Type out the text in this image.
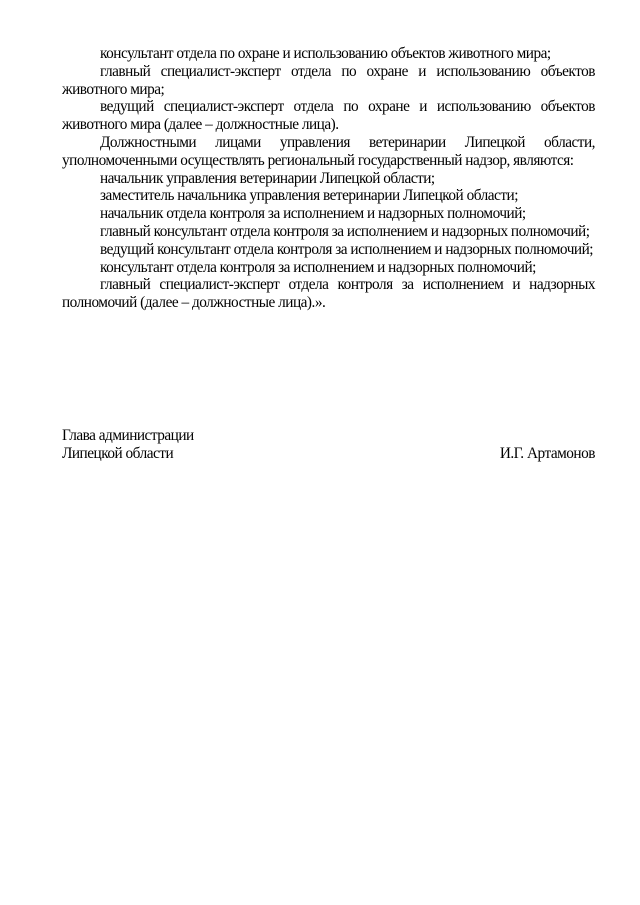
консультант отдела по охране и использованию объектов животного мира;

главный специалист-эксперт отдела по охране и использованию объектов животного мира;

ведущий специалист-эксперт отдела по охране и использованию объектов животного мира (далее – должностные лица).

Должностными лицами управления ветеринарии Липецкой области, уполномоченными осуществлять региональный государственный надзор, являются:

начальник управления ветеринарии Липецкой области;

заместитель начальника управления ветеринарии Липецкой области;

начальник отдела контроля за исполнением и надзорных полномочий;

главный консультант отдела контроля за исполнением и надзорных полномочий;

ведущий консультант отдела контроля за исполнением и надзорных полномочий;

консультант отдела контроля за исполнением и надзорных полномочий;

главный специалист-эксперт отдела контроля за исполнением и надзорных полномочий (далее – должностные лица).».

Глава администрации
Липецкой области	И.Г. Артамонов
